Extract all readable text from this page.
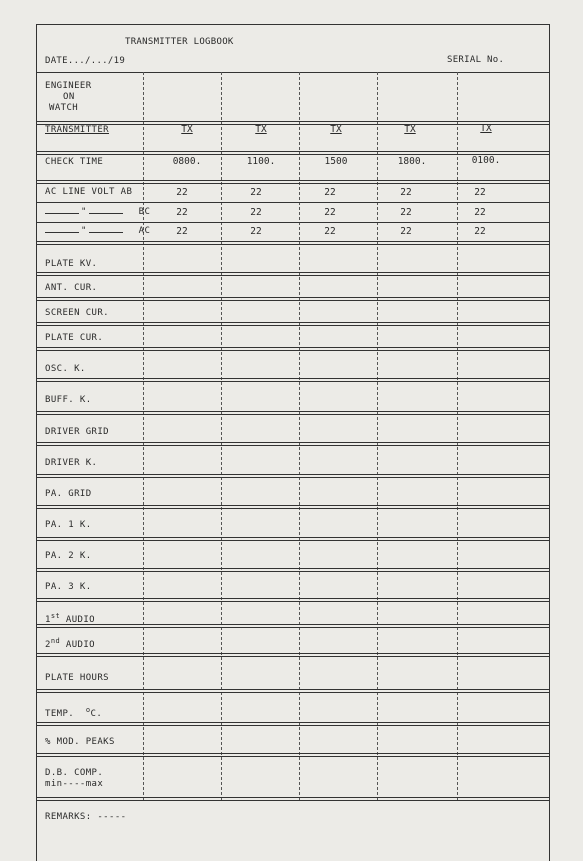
TRANSMITTER LOGBOOK
DATE.../.../19	SERIAL No.
ENGINEER
ON
WATCH
TRANSMITTER	TX	TX	TX	TX	TX
CHECK TIME	0800.	1100.	1500	1800.	0100.
AC LINE VOLT AB	22	22	22	22	22
"	BC	22	22	22	22	22
"	AC	22	22	22	22	22
PLATE KV.
ANT. CUR.
SCREEN CUR.
PLATE CUR.
OSC. K.
BUFF. K.
DRIVER GRID
DRIVER K.
PA. GRID
PA. 1 K.
PA. 2 K.
PA. 3 K.
1st AUDIO
2nd AUDIO
PLATE HOURS
TEMP. $^o$C.
% MOD. PEAKS
D.B. COMP.
min----max
REMARKS: -----
